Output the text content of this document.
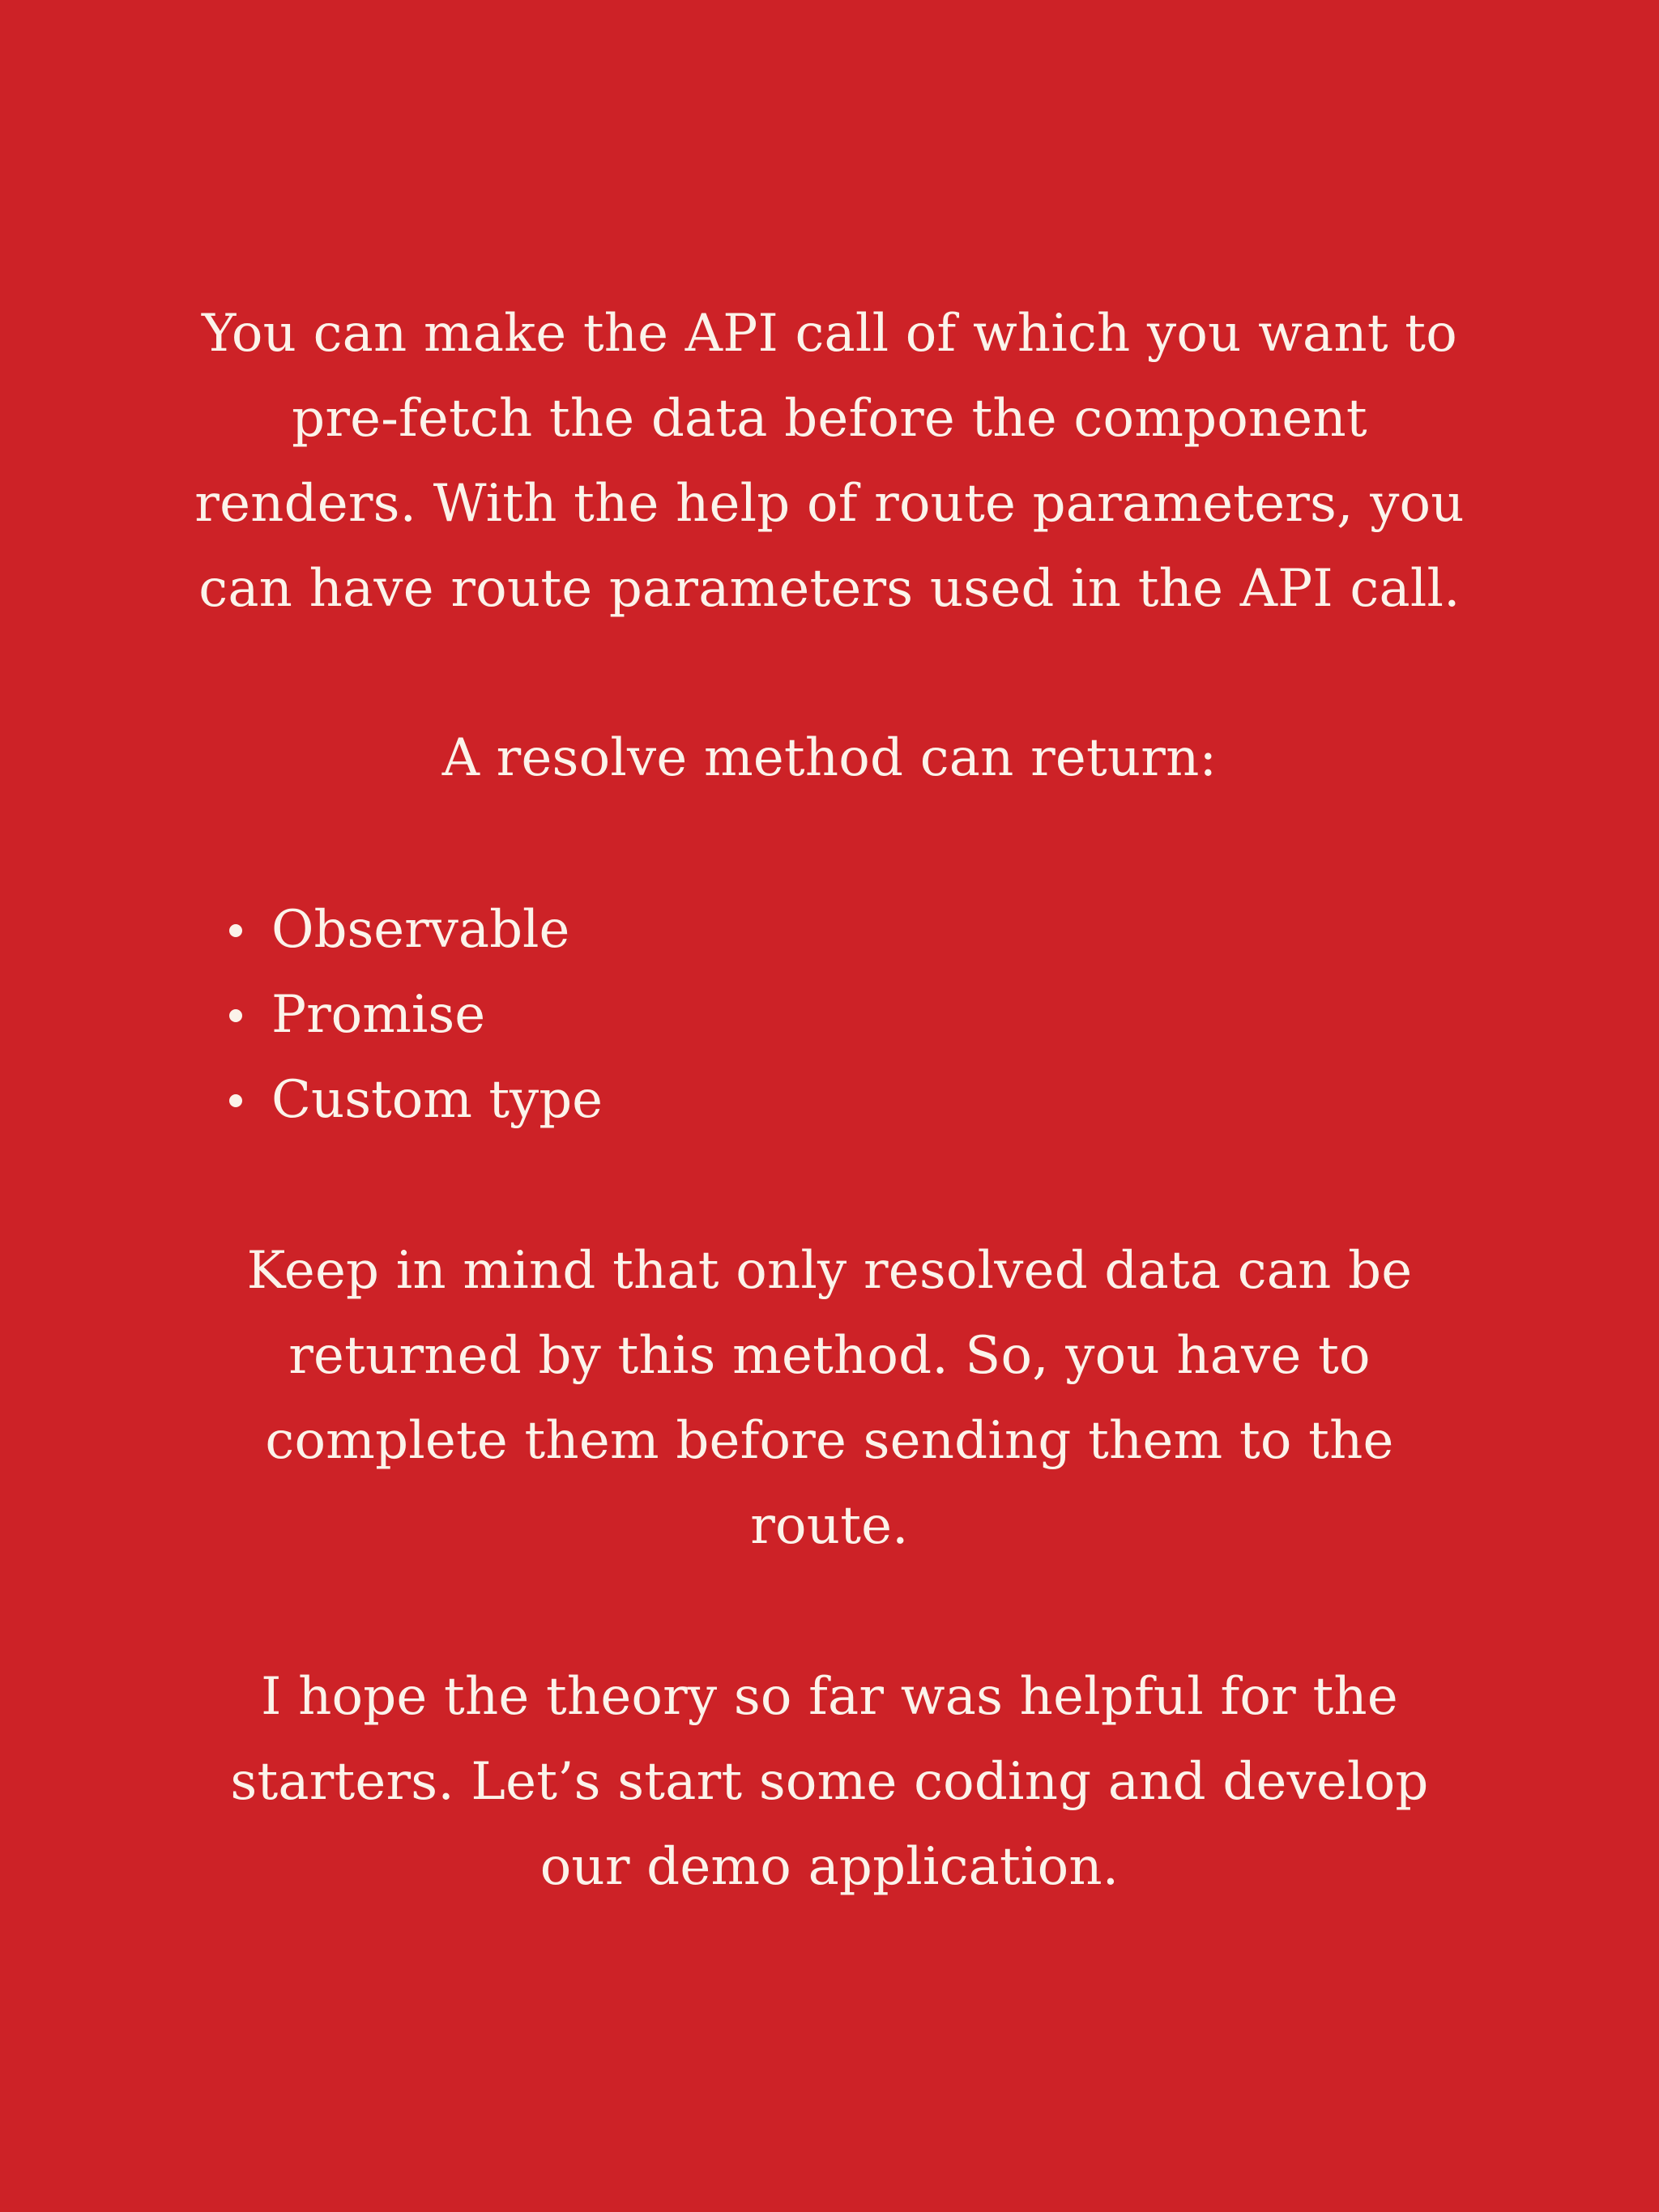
You can make the API call of which you want to
pre-fetch the data before the component
renders. With the help of route parameters, you
can have route parameters used in the API call.

A resolve method can return:

Observable
Promise
Custom type

Keep in mind that only resolved data can be
returned by this method. So, you have to
complete them before sending them to the
route.

I hope the theory so far was helpful for the
starters. Let’s start some coding and develop
our demo application.
